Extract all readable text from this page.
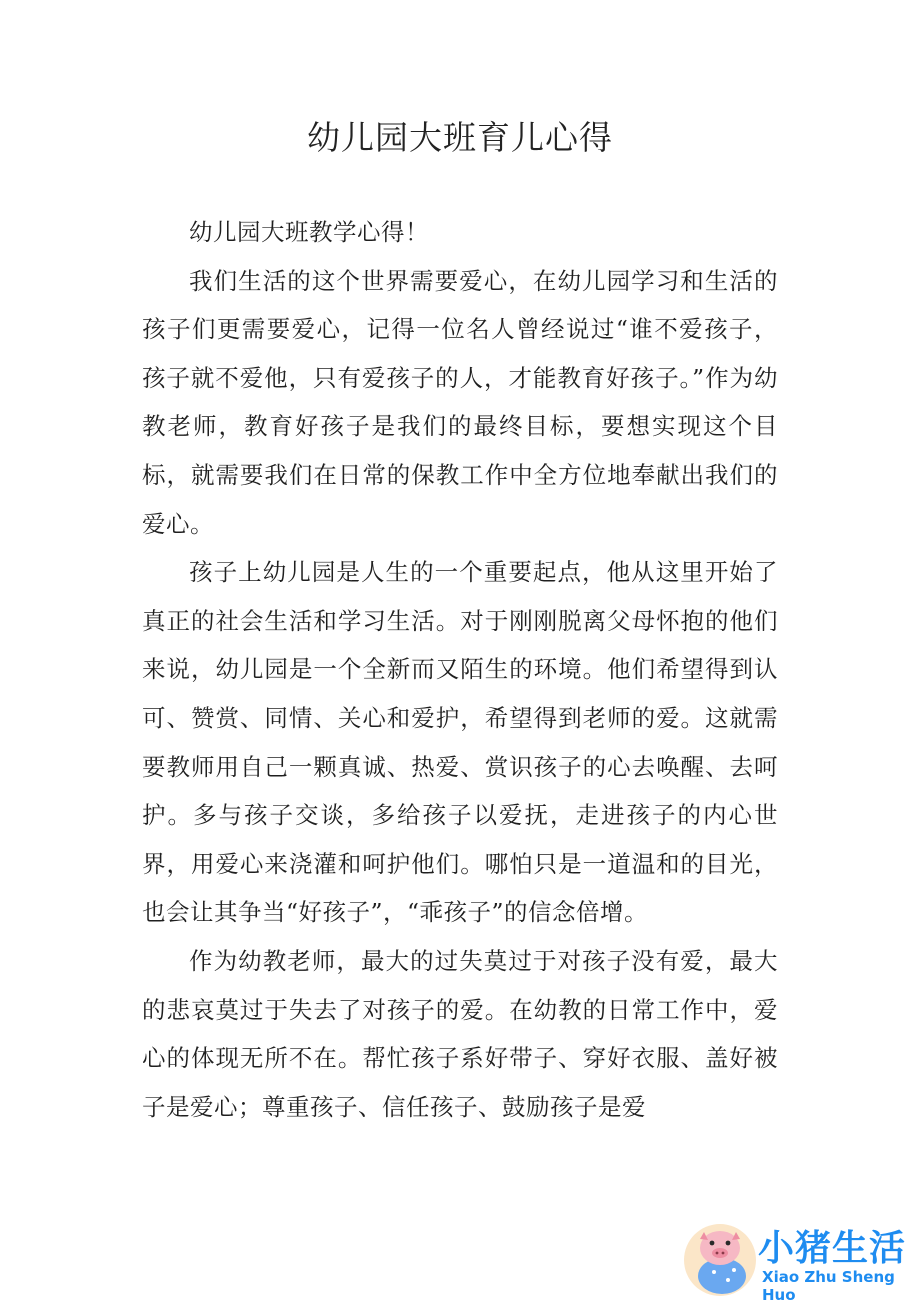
幼儿园大班育儿心得

幼儿园大班教学心得！

我们生活的这个世界需要爱心，在幼儿园学习和生活的孩子们更需要爱心，记得一位名人曾经说过“谁不爱孩子，孩子就不爱他，只有爱孩子的人，才能教育好孩子。”作为幼教老师，教育好孩子是我们的最终目标，要想实现这个目标，就需要我们在日常的保教工作中全方位地奉献出我们的爱心。

孩子上幼儿园是人生的一个重要起点，他从这里开始了真正的社会生活和学习生活。对于刚刚脱离父母怀抱的他们来说，幼儿园是一个全新而又陌生的环境。他们希望得到认可、赞赏、同情、关心和爱护，希望得到老师的爱。这就需要教师用自己一颗真诚、热爱、赏识孩子的心去唤醒、去呵护。多与孩子交谈，多给孩子以爱抚，走进孩子的内心世界，用爱心来浇灌和呵护他们。哪怕只是一道温和的目光，也会让其争当“好孩子”，“乖孩子”的信念倍增。

作为幼教老师，最大的过失莫过于对孩子没有爱，最大的悲哀莫过于失去了对孩子的爱。在幼教的日常工作中，爱心的体现无所不在。帮忙孩子系好带子、穿好衣服、盖好被子是爱心；尊重孩子、信任孩子、鼓励孩子是爱

小猪生活
Xiao Zhu Sheng Huo
